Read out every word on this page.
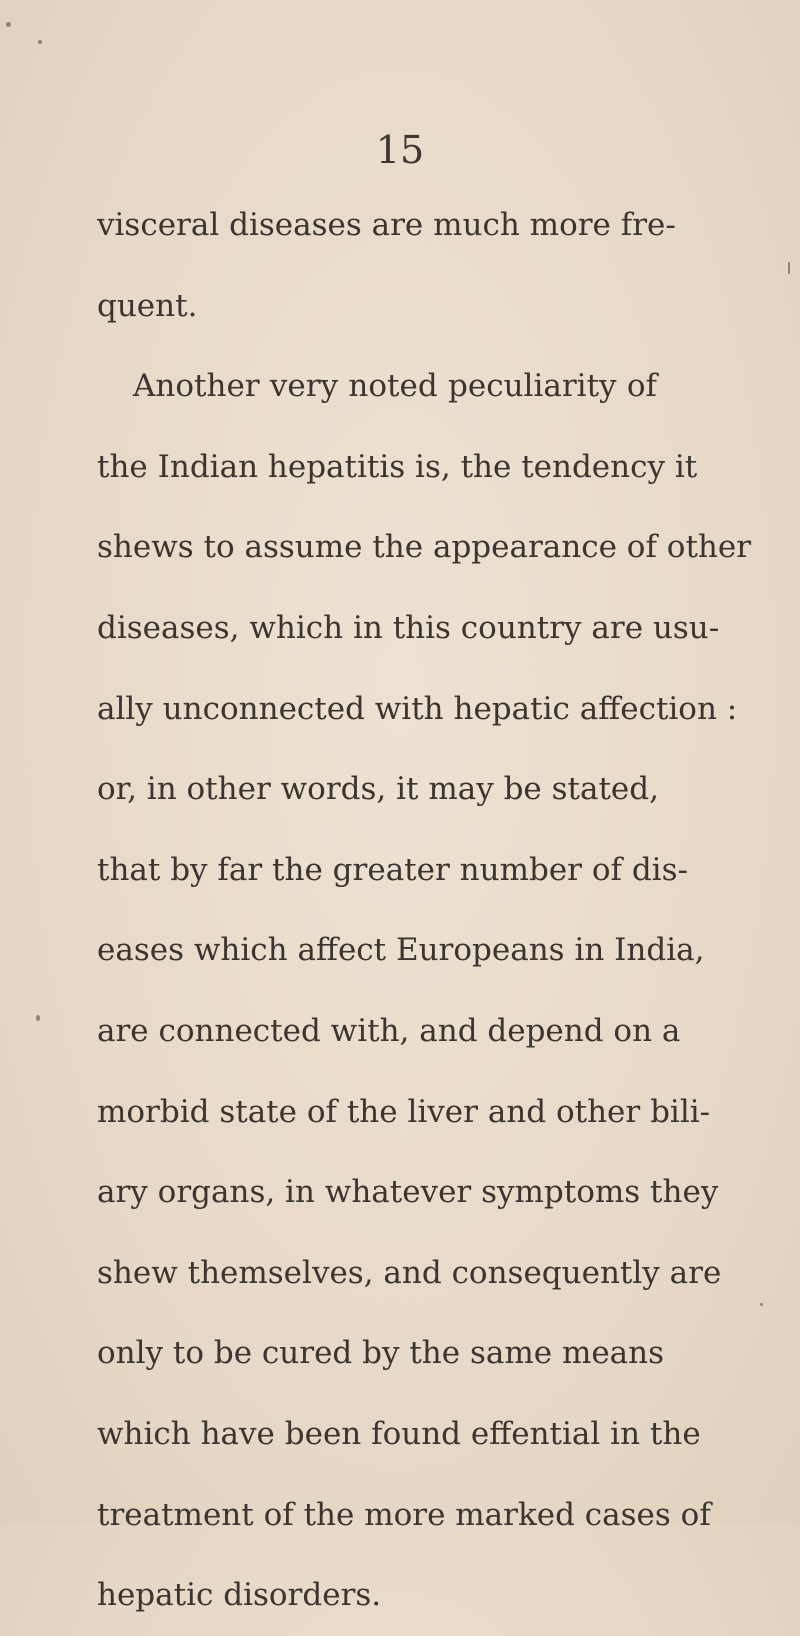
15
visceral diseases are much more fre-
quent.
Another very noted peculiarity of
the Indian hepatitis is, the tendency it
shews to assume the appearance of other
diseases, which in this country are usu-
ally unconnected with hepatic affection :
or, in other words, it may be stated,
that by far the greater number of dis-
eases which affect Europeans in India,
are connected with, and depend on a
morbid state of the liver and other bili-
ary organs, in whatever symptoms they
shew themselves, and consequently are
only to be cured by the same means
which have been found effential in the
treatment of the more marked cases of
hepatic disorders.
